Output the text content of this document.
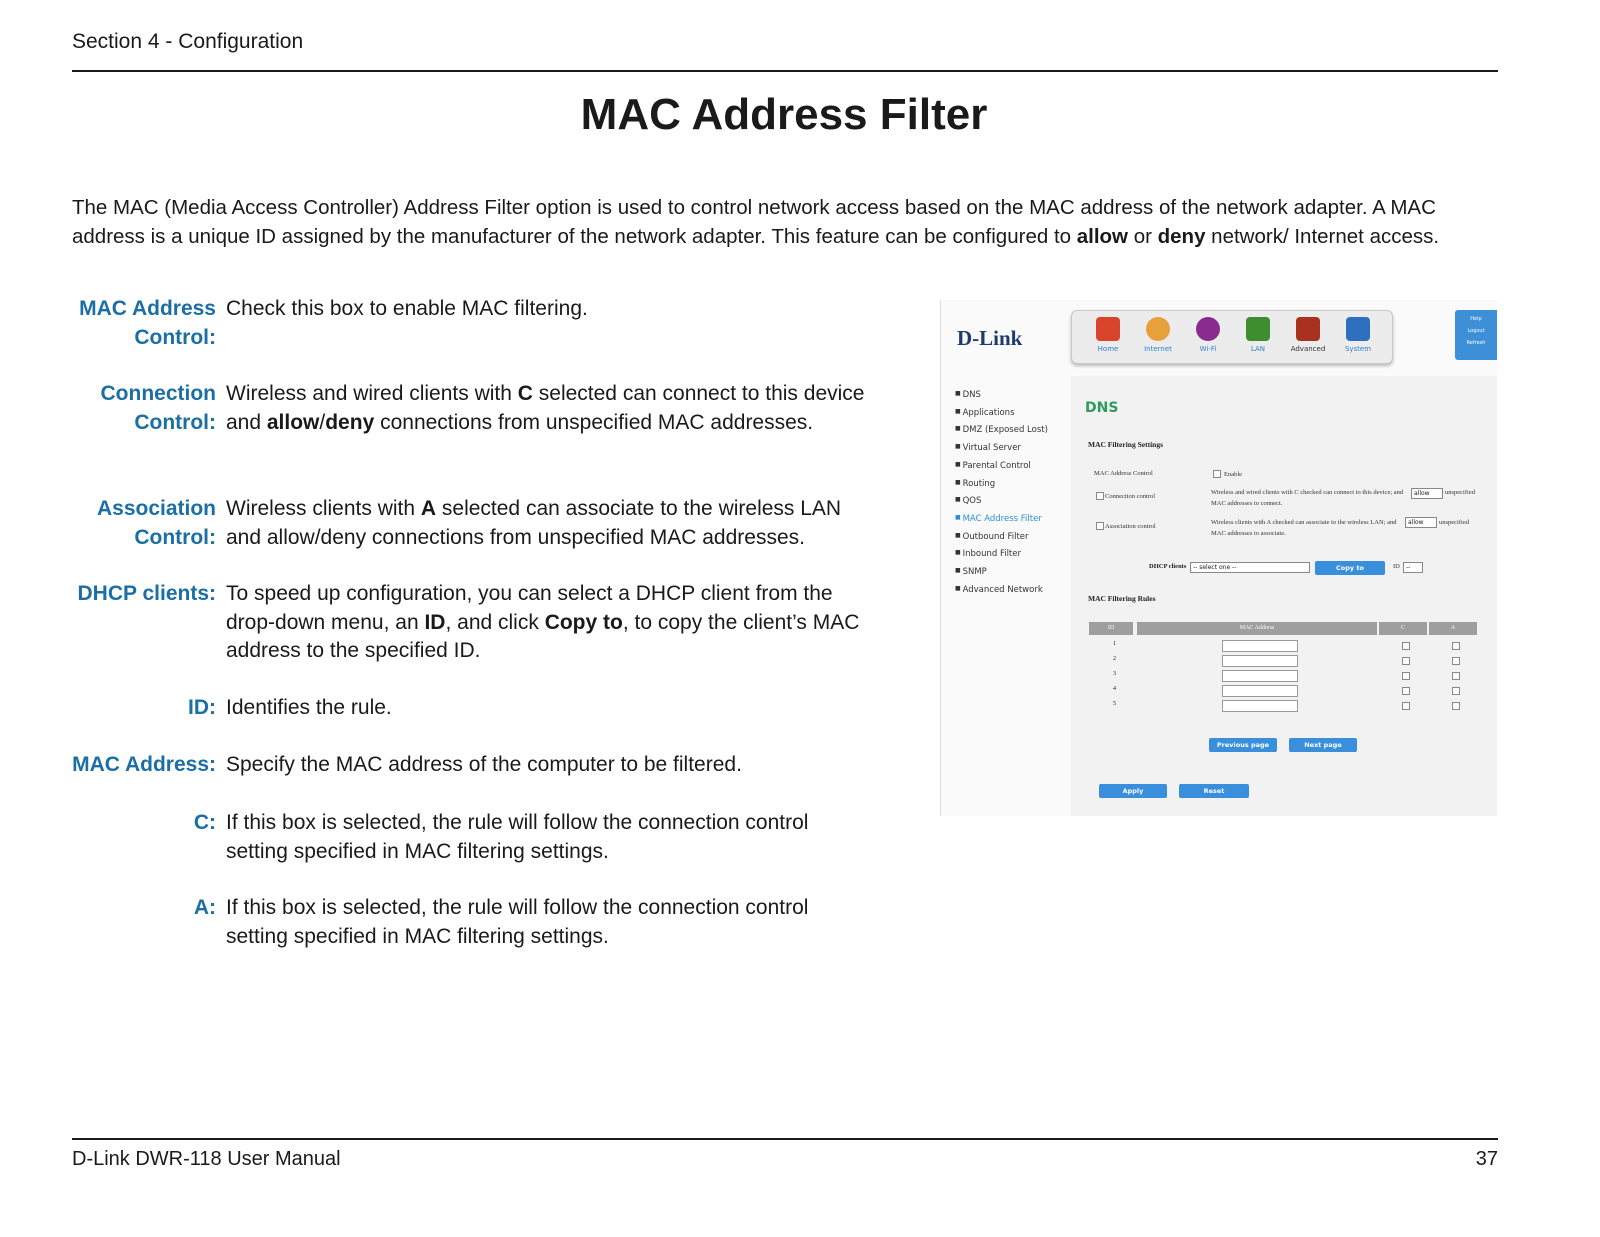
Section 4 - Configuration
MAC Address Filter
The MAC (Media Access Controller) Address Filter option is used to control network access based on the MAC address of the network adapter. A MAC address is a unique ID assigned by the manufacturer of the network adapter. This feature can be configured to allow or deny network/ Internet access.
MAC Address
Control:
Check this box to enable MAC filtering.
Connection
Control:
Wireless and wired clients with C selected can connect to this device and allow/deny connections from unspecified MAC addresses.
Association
Control:
Wireless clients with A selected can associate to the wireless LAN and allow/deny connections from unspecified MAC addresses.
DHCP clients: To speed up configuration, you can select a DHCP client from the drop-down menu, an ID, and click Copy to, to copy the client’s MAC address to the specified ID.
ID: Identifies the rule.
MAC Address: Specify the MAC address of the computer to be filtered.
C: If this box is selected, the rule will follow the connection control setting specified in MAC filtering settings.
A: If this box is selected, the rule will follow the connection control setting specified in MAC filtering settings.
D-Link	Home	Internet	Wi-Fi	LAN	Advanced	System
Help
Logout
Refresh
■ DNS
■ Applications
■ DMZ (Exposed Lost)
■ Virtual Server
■ Parental Control
■ Routing
■ QOS
■ MAC Address Filter
■ Outbound Filter
■ Inbound Filter
■ SNMP
■ Advanced Network
DNS
MAC Filtering Settings
MAC Address Control	Enable
Connection control
Wireless and wired clients with C checked can connect to this device; and	allow	unspecified
MAC addresses to connect.
Association control
Wireless clients with A checked can associate to the wireless LAN; and	allow	unspecified
MAC addresses to associate.
DHCP clients	-- select one --	Copy to	ID	--
MAC Filtering Rules
ID	MAC Address	C	A
1
2
3
4
5
Previous page	Next page
Apply	Reset
D-Link DWR-118 User Manual	37
